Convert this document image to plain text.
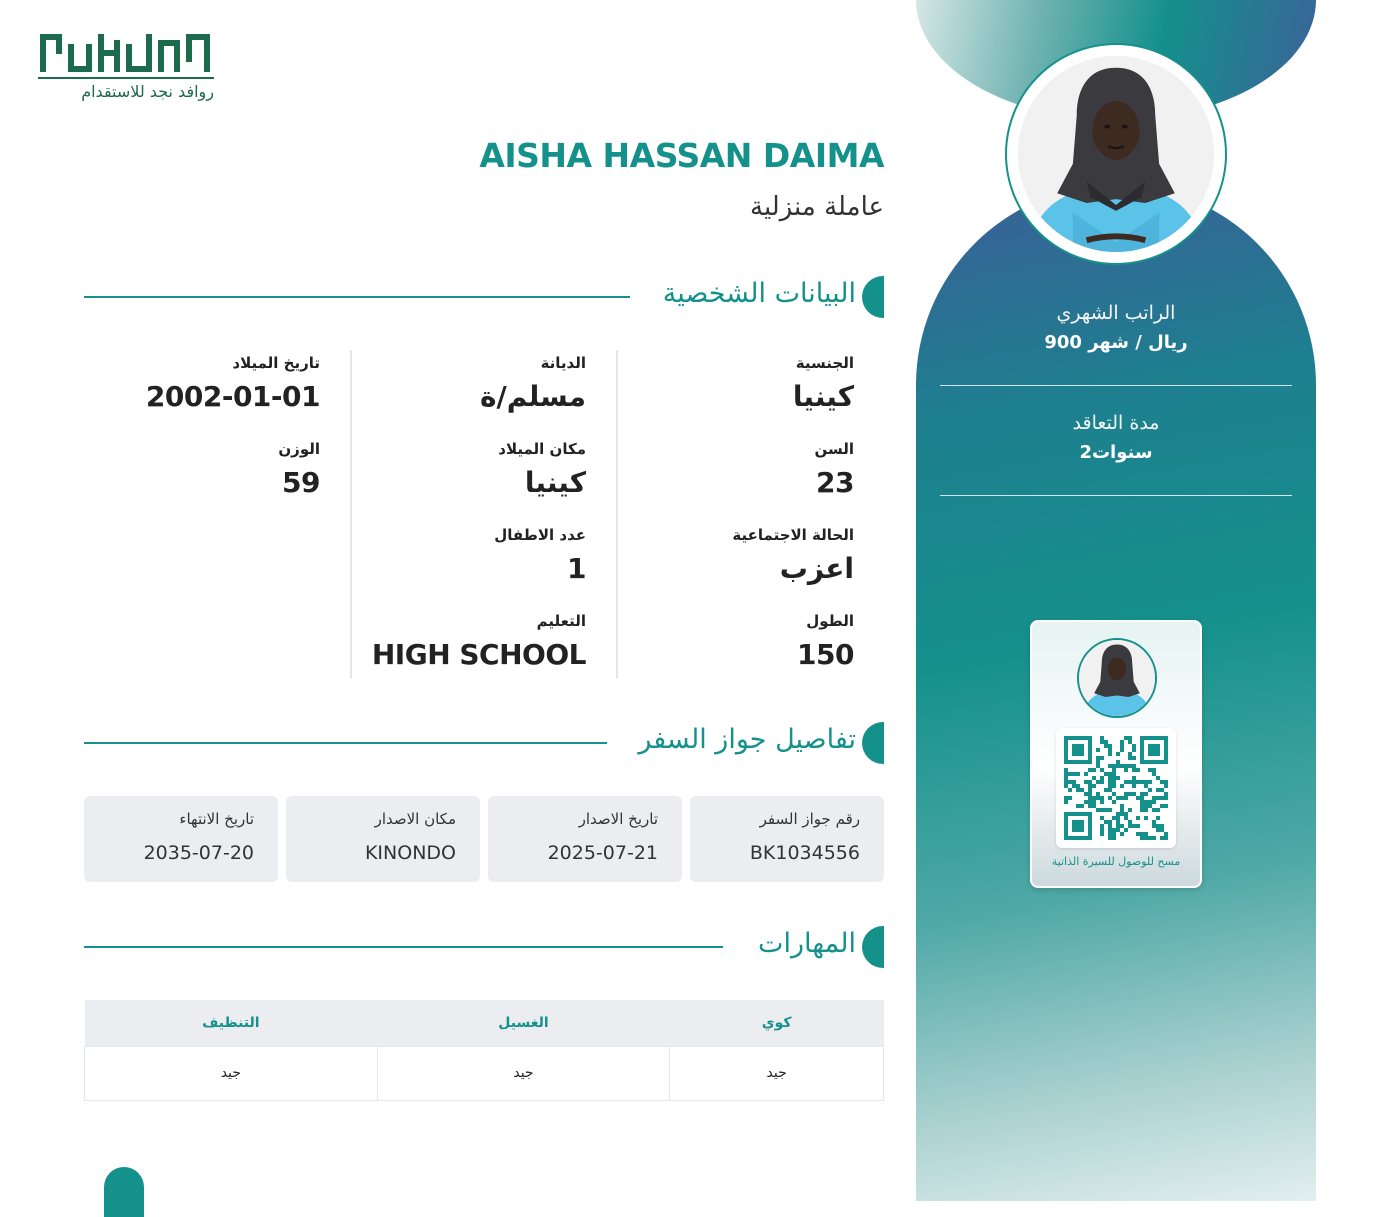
الراتب الشهري
900 ريال / شهر
مدة التعاقد
2سنوات
مسح للوصول للسيرة الذاتية
روافد نجد للاستقدام
AISHA HASSAN DAIMA
عاملة منزلية
البيانات الشخصية
الجنسية
كينيا
السن
23
الحالة الاجتماعية
اعزب
الطول
150
الديانة
مسلم/ة
مكان الميلاد
كينيا
عدد الاطفال
1
التعليم
HIGH SCHOOL
تاريخ الميلاد
2002-01-01
الوزن
59
تفاصيل جواز السفر
رقم جواز السفر
BK1034556
تاريخ الاصدار
2025-07-21
مكان الاصدار
KINONDO
تاريخ الانتهاء
2035-07-20
المهارات
كوي	الغسيل	التنظيف
جيد	جيد	جيد
